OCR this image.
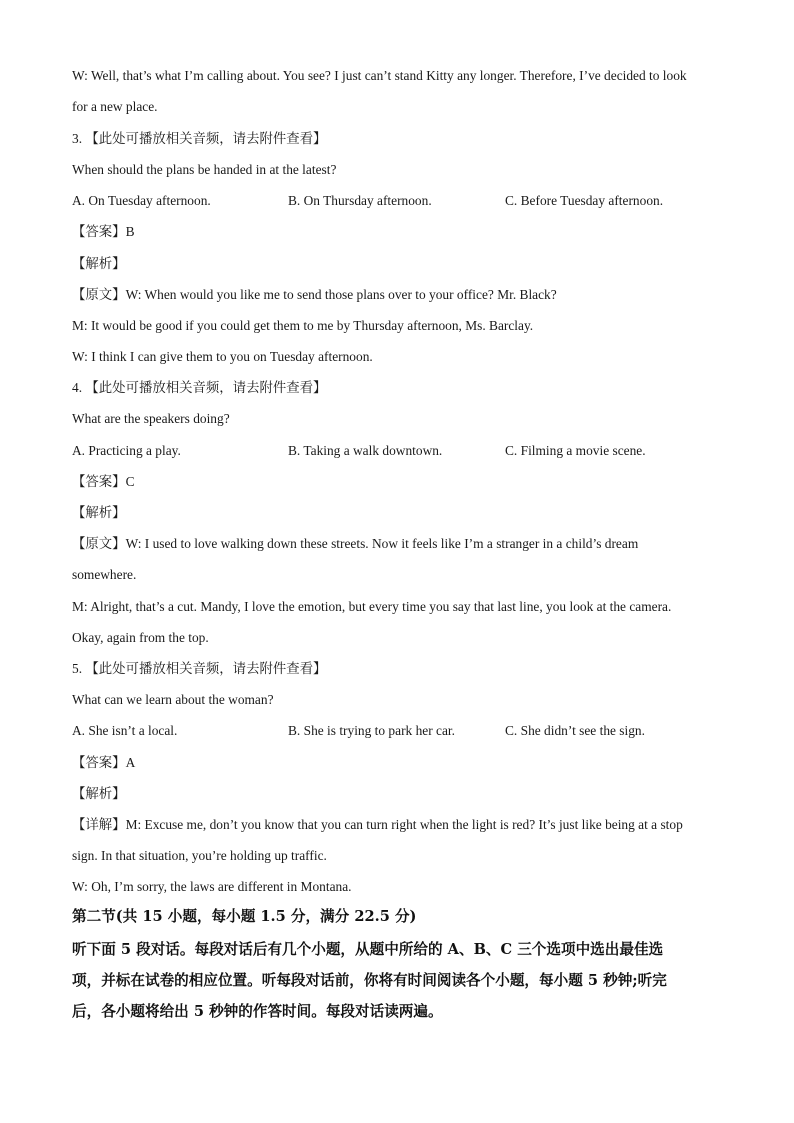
W: Well, that’s what I’m calling about. You see? I just can’t stand Kitty any longer. Therefore, I’ve decided to look
for a new place.
3. 【此处可播放相关音频，请去附件查看】
When should the plans be handed in at the latest?
A. On Tuesday afternoon.	B. On Thursday afternoon.	C. Before Tuesday afternoon.
【答案】B
【解析】
【原文】W: When would you like me to send those plans over to your office? Mr. Black?
M: It would be good if you could get them to me by Thursday afternoon, Ms. Barclay.
W: I think I can give them to you on Tuesday afternoon.
4. 【此处可播放相关音频，请去附件查看】
What are the speakers doing?
A. Practicing a play.	B. Taking a walk downtown.	C. Filming a movie scene.
【答案】C
【解析】
【原文】W: I used to love walking down these streets. Now it feels like I’m a stranger in a child’s dream
somewhere.
M: Alright, that’s a cut. Mandy, I love the emotion, but every time you say that last line, you look at the camera.
Okay, again from the top.
5. 【此处可播放相关音频，请去附件查看】
What can we learn about the woman?
A. She isn’t a local.	B. She is trying to park her car.	C. She didn’t see the sign.
【答案】A
【解析】
【详解】M: Excuse me, don’t you know that you can turn right when the light is red? It’s just like being at a stop
sign. In that situation, you’re holding up traffic.
W: Oh, I’m sorry, the laws are different in Montana.
第二节(共 15 小题，每小题 1.5 分，满分 22.5 分)
听下面 5 段对话。每段对话后有几个小题，从题中所给的 A、B、C 三个选项中选出最佳选
项，并标在试卷的相应位置。听每段对话前，你将有时间阅读各个小题，每小题 5 秒钟;听完
后，各小题将给出 5 秒钟的作答时间。每段对话读两遍。
